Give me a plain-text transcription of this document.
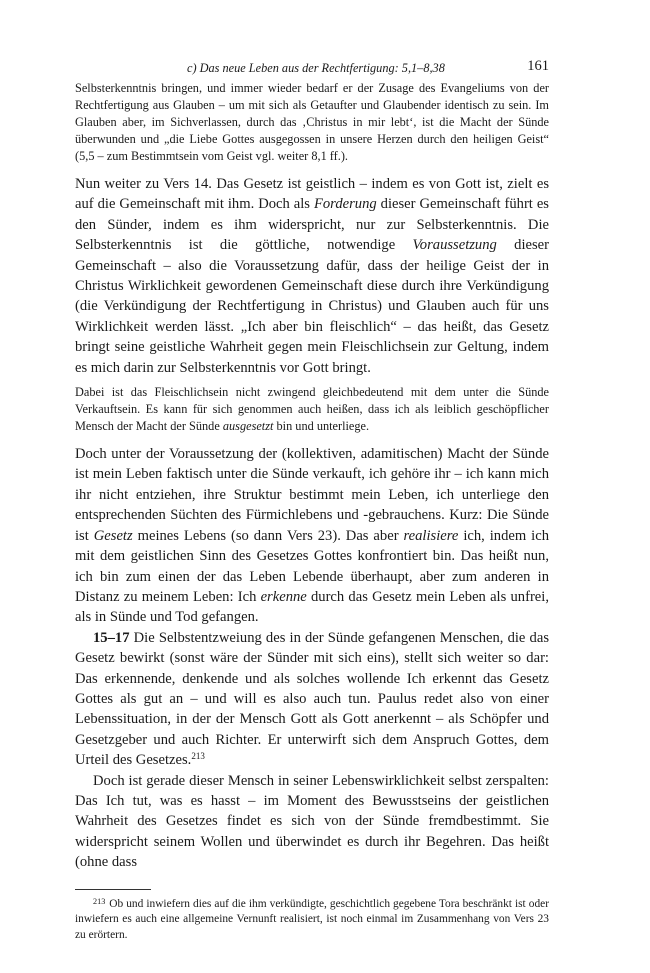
c) Das neue Leben aus der Rechtfertigung: 5,1–8,38	161

Selbsterkenntnis bringen, und immer wieder bedarf er der Zusage des Evangeliums von der Rechtfertigung aus Glauben – um mit sich als Getaufter und Glaubender identisch zu sein. Im Glauben aber, im Sichverlassen, durch das ‚Christus in mir lebt‘, ist die Macht der Sünde überwunden und „die Liebe Gottes ausgegossen in unsere Herzen durch den heiligen Geist“ (5,5 – zum Bestimmtsein vom Geist vgl. weiter 8,1 ff.).

Nun weiter zu Vers 14. Das Gesetz ist geistlich – indem es von Gott ist, zielt es auf die Gemeinschaft mit ihm. Doch als Forderung dieser Gemeinschaft führt es den Sünder, indem es ihm widerspricht, nur zur Selbsterkenntnis. Die Selbsterkenntnis ist die göttliche, notwendige Voraussetzung dieser Gemeinschaft – also die Voraussetzung dafür, dass der heilige Geist der in Christus Wirklichkeit gewordenen Gemeinschaft diese durch ihre Verkündigung (die Verkündigung der Rechtfertigung in Christus) und Glauben auch für uns Wirklichkeit werden lässt. „Ich aber bin fleischlich“ – das heißt, das Gesetz bringt seine geistliche Wahrheit gegen mein Fleischlichsein zur Geltung, indem es mich darin zur Selbsterkenntnis vor Gott bringt.

Dabei ist das Fleischlichsein nicht zwingend gleichbedeutend mit dem unter die Sünde Verkauftsein. Es kann für sich genommen auch heißen, dass ich als leiblich geschöpflicher Mensch der Macht der Sünde ausgesetzt bin und unterliege.

Doch unter der Voraussetzung der (kollektiven, adamitischen) Macht der Sünde ist mein Leben faktisch unter die Sünde verkauft, ich gehöre ihr – ich kann mich ihr nicht entziehen, ihre Struktur bestimmt mein Leben, ich unterliege den entsprechenden Süchten des Fürmichlebens und -gebrauchens. Kurz: Die Sünde ist Gesetz meines Lebens (so dann Vers 23). Das aber realisiere ich, indem ich mit dem geistlichen Sinn des Gesetzes Gottes konfrontiert bin. Das heißt nun, ich bin zum einen der das Leben Lebende überhaupt, aber zum anderen in Distanz zu meinem Leben: Ich erkenne durch das Gesetz mein Leben als unfrei, als in Sünde und Tod gefangen.

15–17 Die Selbstentzweiung des in der Sünde gefangenen Menschen, die das Gesetz bewirkt (sonst wäre der Sünder mit sich eins), stellt sich weiter so dar: Das erkennende, denkende und als solches wollende Ich erkennt das Gesetz Gottes als gut an – und will es also auch tun. Paulus redet also von einer Lebenssituation, in der der Mensch Gott als Gott anerkennt – als Schöpfer und Gesetzgeber und auch Richter. Er unterwirft sich dem Anspruch Gottes, dem Urteil des Gesetzes.$^{213}$

Doch ist gerade dieser Mensch in seiner Lebenswirklichkeit selbst zerspalten: Das Ich tut, was es hasst – im Moment des Bewusstseins der geistlichen Wahrheit des Gesetzes findet es sich von der Sünde fremdbestimmt. Sie widerspricht seinem Wollen und überwindet es durch ihr Begehren. Das heißt (ohne dass

$^{213}$ Ob und inwiefern dies auf die ihm verkündigte, geschichtlich gegebene Tora beschränkt ist oder inwiefern es auch eine allgemeine Vernunft realisiert, ist noch einmal im Zusammenhang von Vers 23 zu erörtern.
